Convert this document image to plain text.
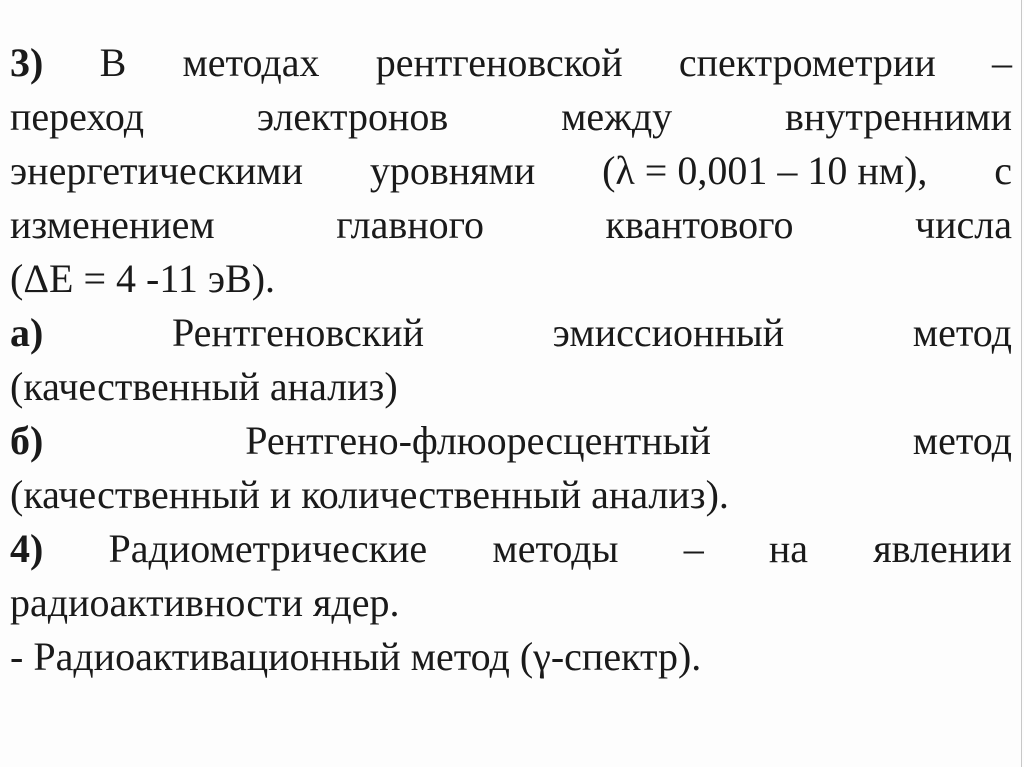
3) В методах рентгеновской спектрометрии –
переход	электронов	между	внутренними
энергетическими уровнями (λ = 0,001 – 10 нм), с
изменением	главного	квантового	числа
(ΔЕ = 4 -11 эВ).
а)	Рентгеновский	эмиссионный	метод
(качественный анализ)
б)	Рентгено-флюоресцентный	метод
(качественный и количественный анализ).
4) Радиометрические методы – на явлении
радиоактивности ядер.
- Радиоактивационный метод (γ-спектр).
